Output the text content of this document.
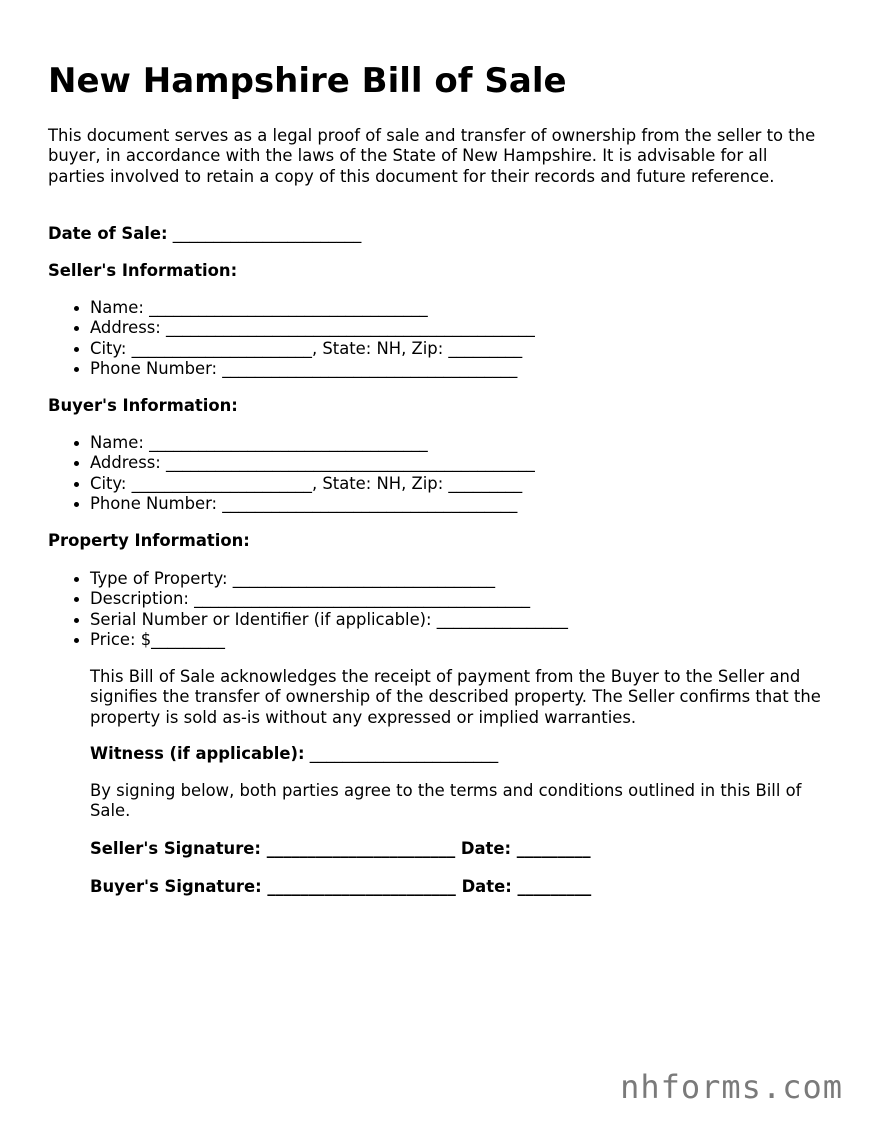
New Hampshire Bill of Sale

This document serves as a legal proof of sale and transfer of ownership from the seller to the buyer, in accordance with the laws of the State of New Hampshire. It is advisable for all parties involved to retain a copy of this document for their records and future reference.

Date of Sale: _______________________

Seller's Information:

Name: __________________________________
Address: _____________________________________________
City: ______________________, State: NH, Zip: _________
Phone Number: ____________________________________

Buyer's Information:

Name: __________________________________
Address: _____________________________________________
City: ______________________, State: NH, Zip: _________
Phone Number: ____________________________________

Property Information:

Type of Property: ________________________________
Description: _________________________________________
Serial Number or Identifier (if applicable): ________________
Price: $_________

This Bill of Sale acknowledges the receipt of payment from the Buyer to the Seller and signifies the transfer of ownership of the described property. The Seller confirms that the property is sold as-is without any expressed or implied warranties.

Witness (if applicable): _______________________

By signing below, both parties agree to the terms and conditions outlined in this Bill of Sale.

Seller's Signature: _______________________ Date: _________

Buyer's Signature: _______________________ Date: _________

nhforms.com
